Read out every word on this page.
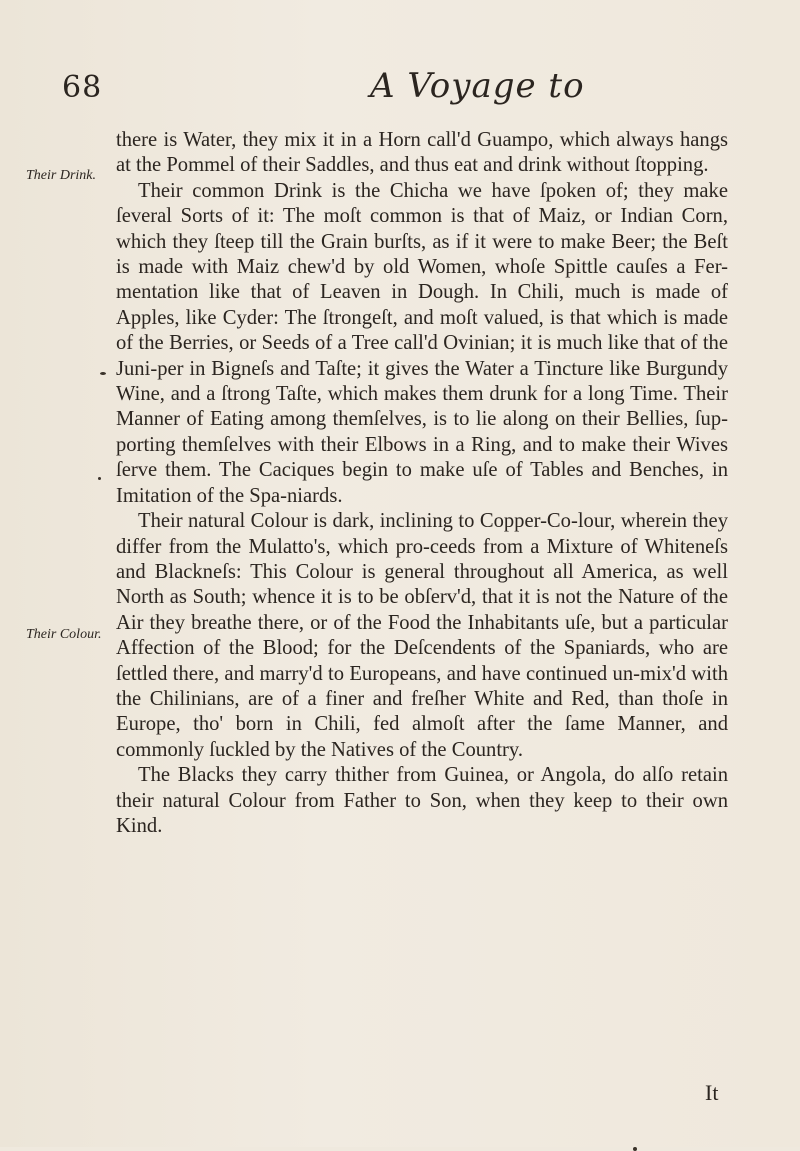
68	A Voyage to
Their Drink.
Their Colour.

there is Water, they mix it in a Horn call'd Guampo, which always hangs at the Pommel of their Saddles, and thus eat and drink without ſtopping.

Their common Drink is the Chicha we have ſpoken of; they make ſeveral Sorts of it: The moſt common is that of Maiz, or Indian Corn, which they ſteep till the Grain burſts, as if it were to make Beer; the Beſt is made with Maiz chew'd by old Women, whoſe Spittle cauſes a Fer-mentation like that of Leaven in Dough. In Chili, much is made of Apples, like Cyder: The ſtrongeſt, and moſt valued, is that which is made of the Berries, or Seeds of a Tree call'd Ovinian; it is much like that of the Juni-per in Bigneſs and Taſte; it gives the Water a Tincture like Burgundy Wine, and a ſtrong Taſte, which makes them drunk for a long Time. Their Manner of Eating among themſelves, is to lie along on their Bellies, ſup-porting themſelves with their Elbows in a Ring, and to make their Wives ſerve them. The Caciques begin to make uſe of Tables and Benches, in Imitation of the Spa-niards.

Their natural Colour is dark, inclining to Copper-Co-lour, wherein they differ from the Mulatto's, which pro-ceeds from a Mixture of Whiteneſs and Blackneſs: This Colour is general throughout all America, as well North as South; whence it is to be obſerv'd, that it is not the Nature of the Air they breathe there, or of the Food the Inhabitants uſe, but a particular Affection of the Blood; for the Deſcendents of the Spaniards, who are ſettled there, and marry'd to Europeans, and have continued un-mix'd with the Chilinians, are of a finer and freſher White and Red, than thoſe in Europe, tho' born in Chili, fed almoſt after the ſame Manner, and commonly ſuckled by the Natives of the Country.

The Blacks they carry thither from Guinea, or Angola, do alſo retain their natural Colour from Father to Son, when they keep to their own Kind.

It
